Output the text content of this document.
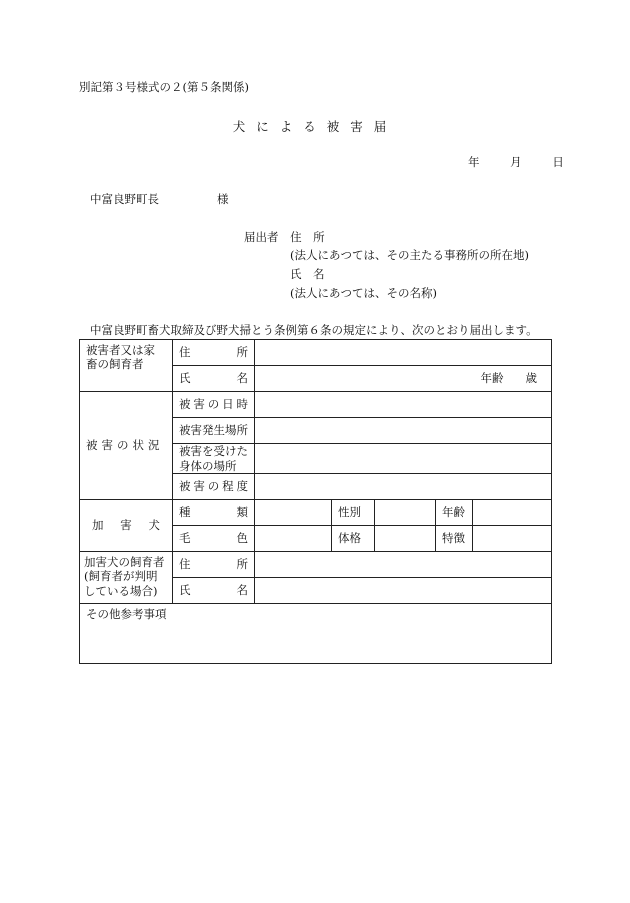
別記第３号様式の２(第５条関係)
犬による被害届
年	月	日
中富良野町長	様
届出者 住　所
(法人にあつては、その主たる事務所の所在地)
氏　名
(法人にあつては、その名称)
中富良野町畜犬取締及び野犬掃とう条例第６条の規定により、次のとおり届出します。
被害者又は家畜の飼育者	住所					
	氏名	年齢 歳				
被害の状況	被害の日時					
	被害発生場所					
	被害を受けた身体の場所					
	被害の程度					
加害犬	種類		性別		年齢	
	毛色		体格		特徴	
加害犬の飼育者(飼育者が判明している場合)	住所					
	氏名					
その他参考事項						
